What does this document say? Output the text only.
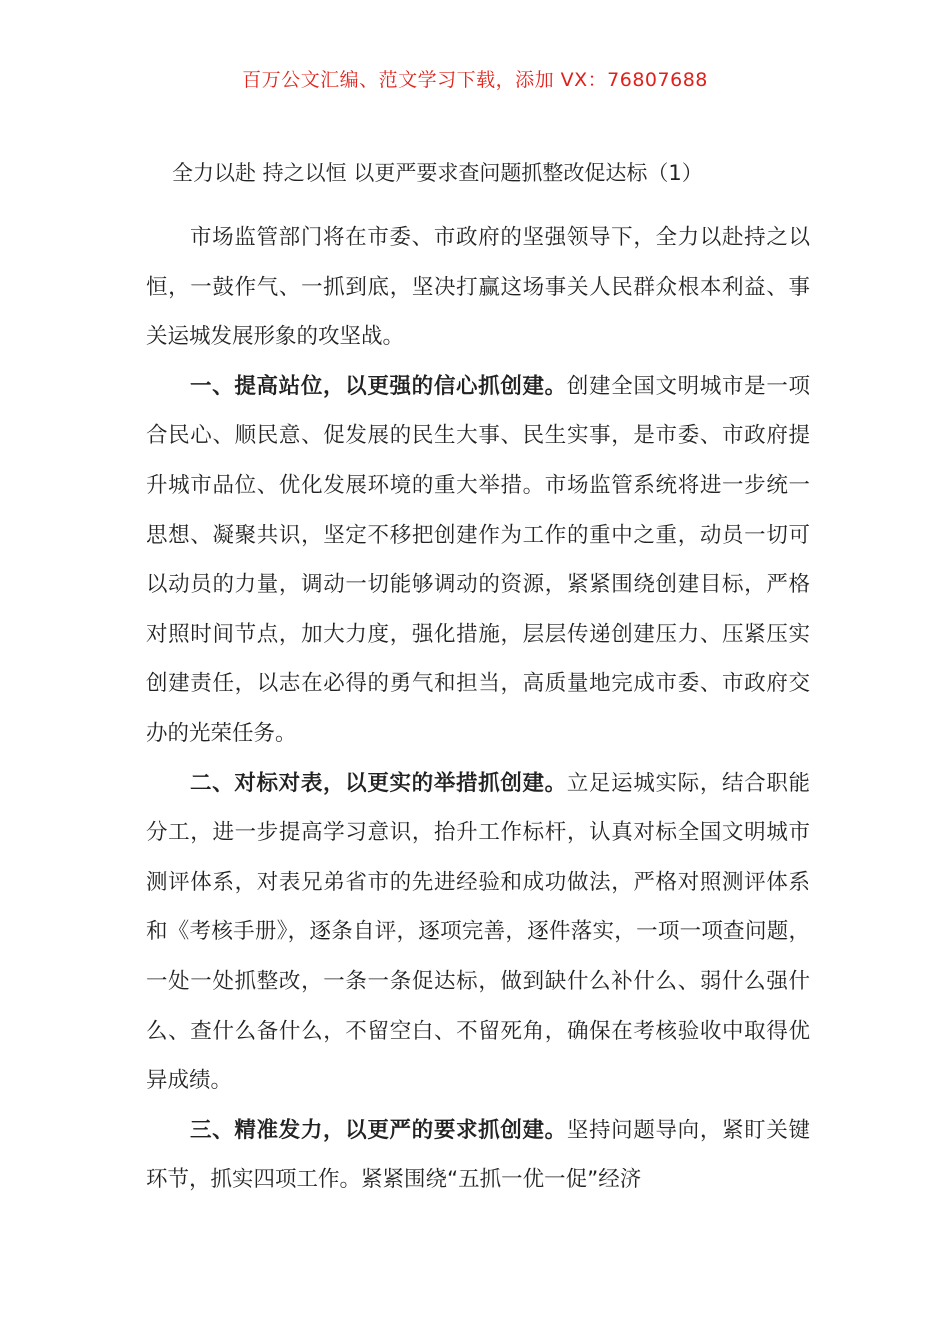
百万公文汇编、范文学习下载，添加 VX：76807688
全力以赴 持之以恒 以更严要求查问题抓整改促达标（1）

市场监管部门将在市委、市政府的坚强领导下，全力以赴持之以恒，一鼓作气、一抓到底，坚决打赢这场事关人民群众根本利益、事关运城发展形象的攻坚战。

一、提高站位，以更强的信心抓创建。创建全国文明城市是一项合民心、顺民意、促发展的民生大事、民生实事，是市委、市政府提升城市品位、优化发展环境的重大举措。市场监管系统将进一步统一思想、凝聚共识，坚定不移把创建作为工作的重中之重，动员一切可以动员的力量，调动一切能够调动的资源，紧紧围绕创建目标，严格对照时间节点，加大力度，强化措施，层层传递创建压力、压紧压实创建责任，以志在必得的勇气和担当，高质量地完成市委、市政府交办的光荣任务。

二、对标对表，以更实的举措抓创建。立足运城实际，结合职能分工，进一步提高学习意识，抬升工作标杆，认真对标全国文明城市测评体系，对表兄弟省市的先进经验和成功做法，严格对照测评体系和《考核手册》，逐条自评，逐项完善，逐件落实，一项一项查问题，一处一处抓整改，一条一条促达标，做到缺什么补什么、弱什么强什么、查什么备什么，不留空白、不留死角，确保在考核验收中取得优异成绩。

三、精准发力，以更严的要求抓创建。坚持问题导向，紧盯关键环节，抓实四项工作。紧紧围绕“五抓一优一促”经济
